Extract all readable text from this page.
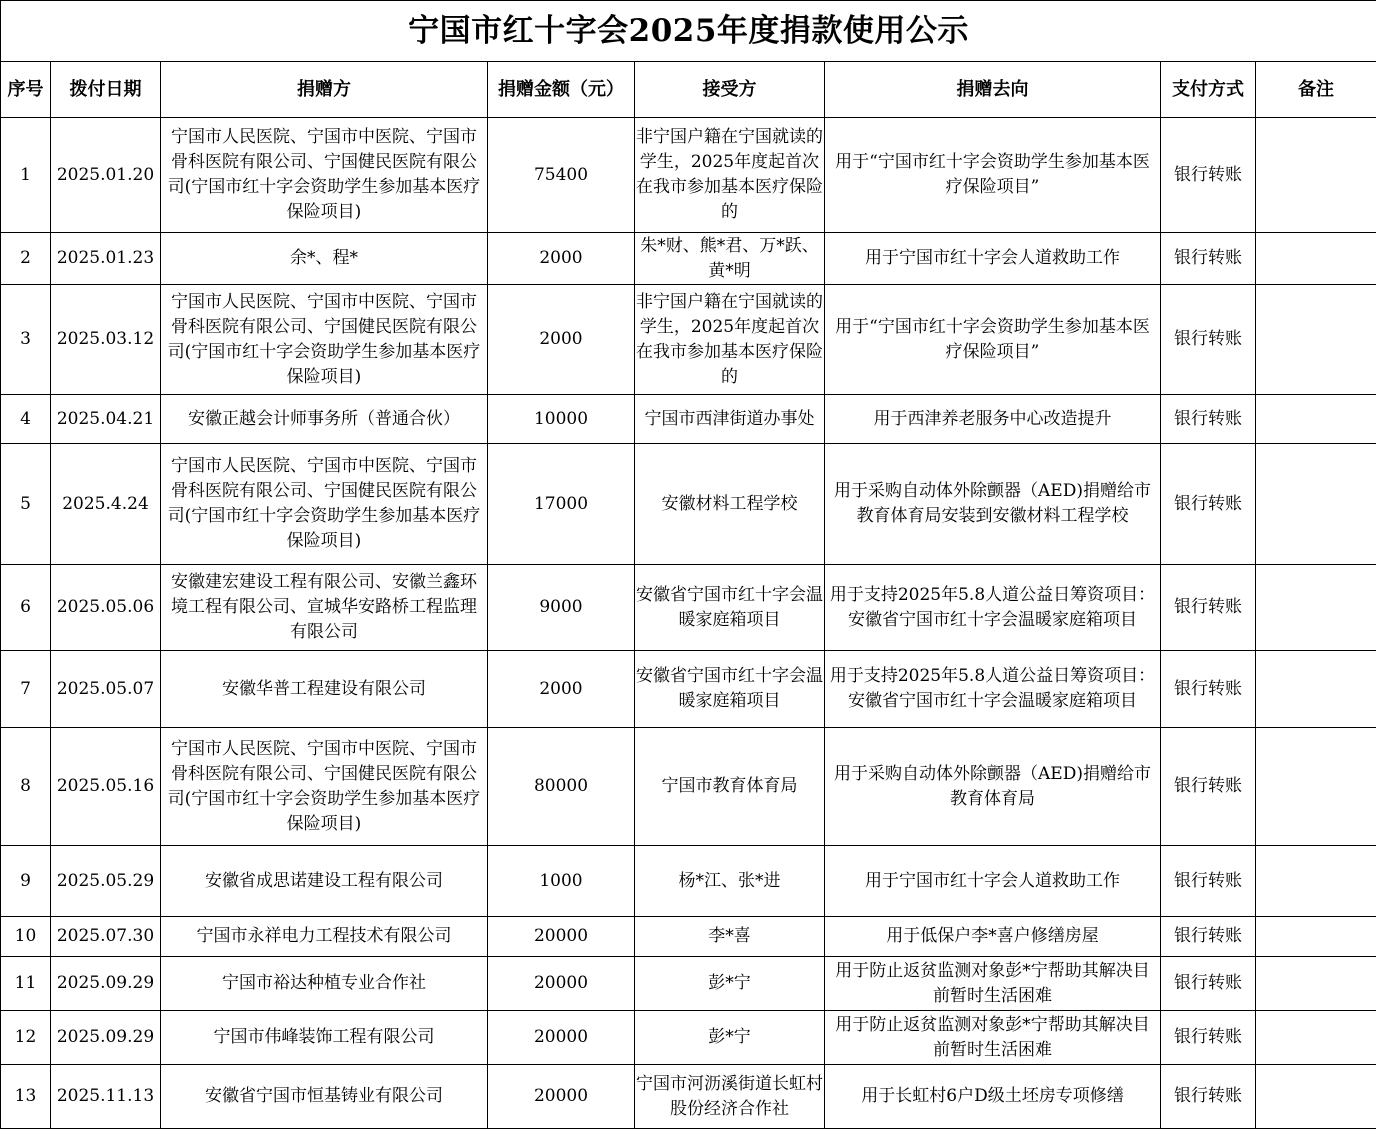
宁国市红十字会2025年度捐款使用公示							
序号	拨付日期	捐赠方	捐赠金额（元）	接受方	捐赠去向	支付方式	备注
1	2025.01.20	宁国市人民医院、宁国市中医院、宁国市骨科医院有限公司、宁国健民医院有限公司(宁国市红十字会资助学生参加基本医疗保险项目)	75400	非宁国户籍在宁国就读的学生，2025年度起首次在我市参加基本医疗保险的	用于“宁国市红十字会资助学生参加基本医疗保险项目”	银行转账	
2	2025.01.23	余*、程*	2000	朱*财、熊*君、万*跃、黄*明	用于宁国市红十字会人道救助工作	银行转账	
3	2025.03.12	宁国市人民医院、宁国市中医院、宁国市骨科医院有限公司、宁国健民医院有限公司(宁国市红十字会资助学生参加基本医疗保险项目)	2000	非宁国户籍在宁国就读的学生，2025年度起首次在我市参加基本医疗保险的	用于“宁国市红十字会资助学生参加基本医疗保险项目”	银行转账	
4	2025.04.21	安徽正越会计师事务所（普通合伙）	10000	宁国市西津街道办事处	用于西津养老服务中心改造提升	银行转账	
5	2025.4.24	宁国市人民医院、宁国市中医院、宁国市骨科医院有限公司、宁国健民医院有限公司(宁国市红十字会资助学生参加基本医疗保险项目)	17000	安徽材料工程学校	用于采购自动体外除颤器（AED)捐赠给市教育体育局安装到安徽材料工程学校	银行转账	
6	2025.05.06	安徽建宏建设工程有限公司、安徽兰鑫环境工程有限公司、宣城华安路桥工程监理有限公司	9000	安徽省宁国市红十字会温暖家庭箱项目	用于支持2025年5.8人道公益日筹资项目：安徽省宁国市红十字会温暖家庭箱项目	银行转账	
7	2025.05.07	安徽华普工程建设有限公司	2000	安徽省宁国市红十字会温暖家庭箱项目	用于支持2025年5.8人道公益日筹资项目：安徽省宁国市红十字会温暖家庭箱项目	银行转账	
8	2025.05.16	宁国市人民医院、宁国市中医院、宁国市骨科医院有限公司、宁国健民医院有限公司(宁国市红十字会资助学生参加基本医疗保险项目)	80000	宁国市教育体育局	用于采购自动体外除颤器（AED)捐赠给市教育体育局	银行转账	
9	2025.05.29	安徽省成思诺建设工程有限公司	1000	杨*江、张*进	用于宁国市红十字会人道救助工作	银行转账	
10	2025.07.30	宁国市永祥电力工程技术有限公司	20000	李*喜	用于低保户李*喜户修缮房屋	银行转账	
11	2025.09.29	宁国市裕达种植专业合作社	20000	彭*宁	用于防止返贫监测对象彭*宁帮助其解决目前暂时生活困难	银行转账	
12	2025.09.29	宁国市伟峰装饰工程有限公司	20000	彭*宁	用于防止返贫监测对象彭*宁帮助其解决目前暂时生活困难	银行转账	
13	2025.11.13	安徽省宁国市恒基铸业有限公司	20000	宁国市河沥溪街道长虹村股份经济合作社	用于长虹村6户D级土坯房专项修缮	银行转账	
